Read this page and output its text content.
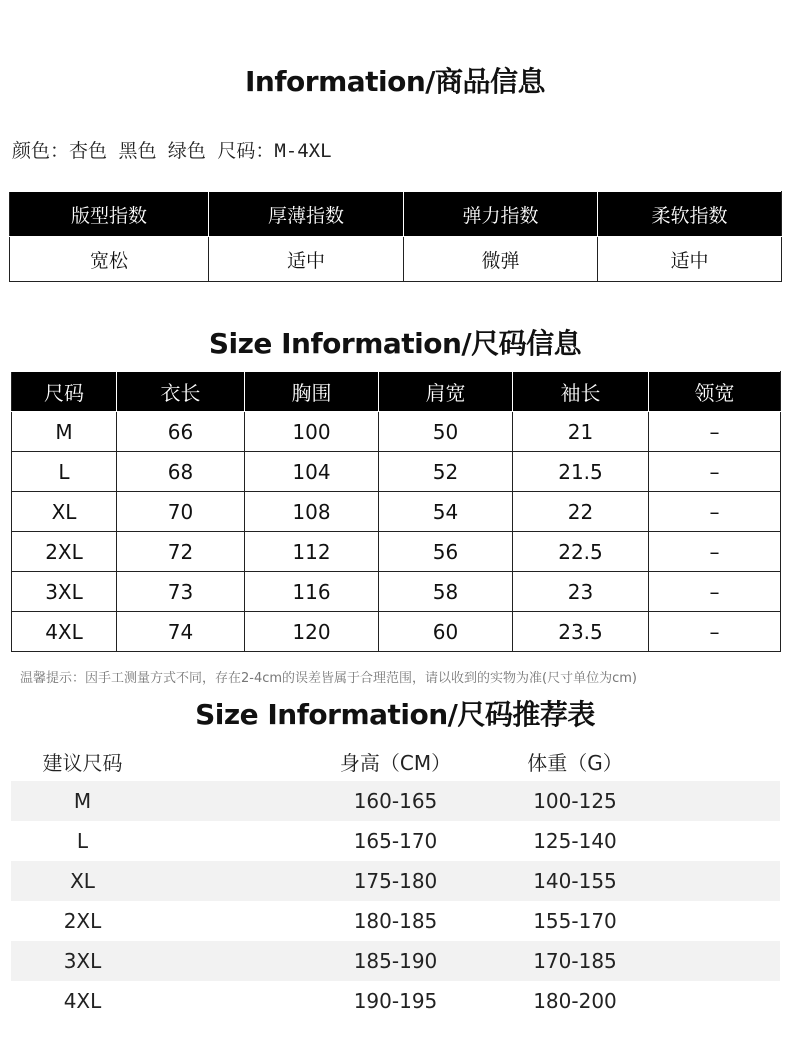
Information/商品信息
颜色：杏色 黑色 绿色 尺码：M-4XL
版型指数	厚薄指数	弹力指数	柔软指数
宽松	适中	微弹	适中
Size Information/尺码信息
尺码	衣长	胸围	肩宽	袖长	领宽
M	66	100	50	21	–
L	68	104	52	21.5	–
XL	70	108	54	22	–
2XL	72	112	56	22.5	–
3XL	73	116	58	23	–
4XL	74	120	60	23.5	–
温馨提示：因手工测量方式不同，存在2-4cm的误差皆属于合理范围，请以收到的实物为准(尺寸单位为cm)
Size Information/尺码推荐表
建议尺码	身高（CM）	体重（G）
M	160-165	100-125
L	165-170	125-140
XL	175-180	140-155
2XL	180-185	155-170
3XL	185-190	170-185
4XL	190-195	180-200
